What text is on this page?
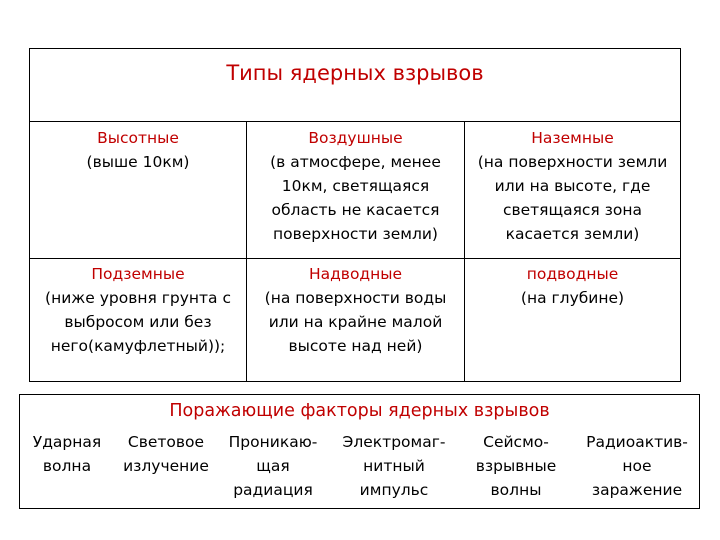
Типы ядерных взрывов
Высотные
(выше 10км)
Воздушные
(в атмосфере, менее
10км, светящаяся
область не касается
поверхности земли)
Наземные
(на поверхности земли
или на высоте, где
светящаяся зона
касается земли)
Подземные
(ниже уровня грунта с
выбросом или без
него(камуфлетный));
Надводные
(на поверхности воды
или на крайне малой
высоте над ней)
подводные
(на глубине)
Поражающие факторы ядерных взрывов
Ударная
волна
Световое
излучение
Проникаю-
щая
радиация
Электромаг-
нитный
импульс
Сейсмо-
взрывные
волны
Радиоактив-
ное
заражение
